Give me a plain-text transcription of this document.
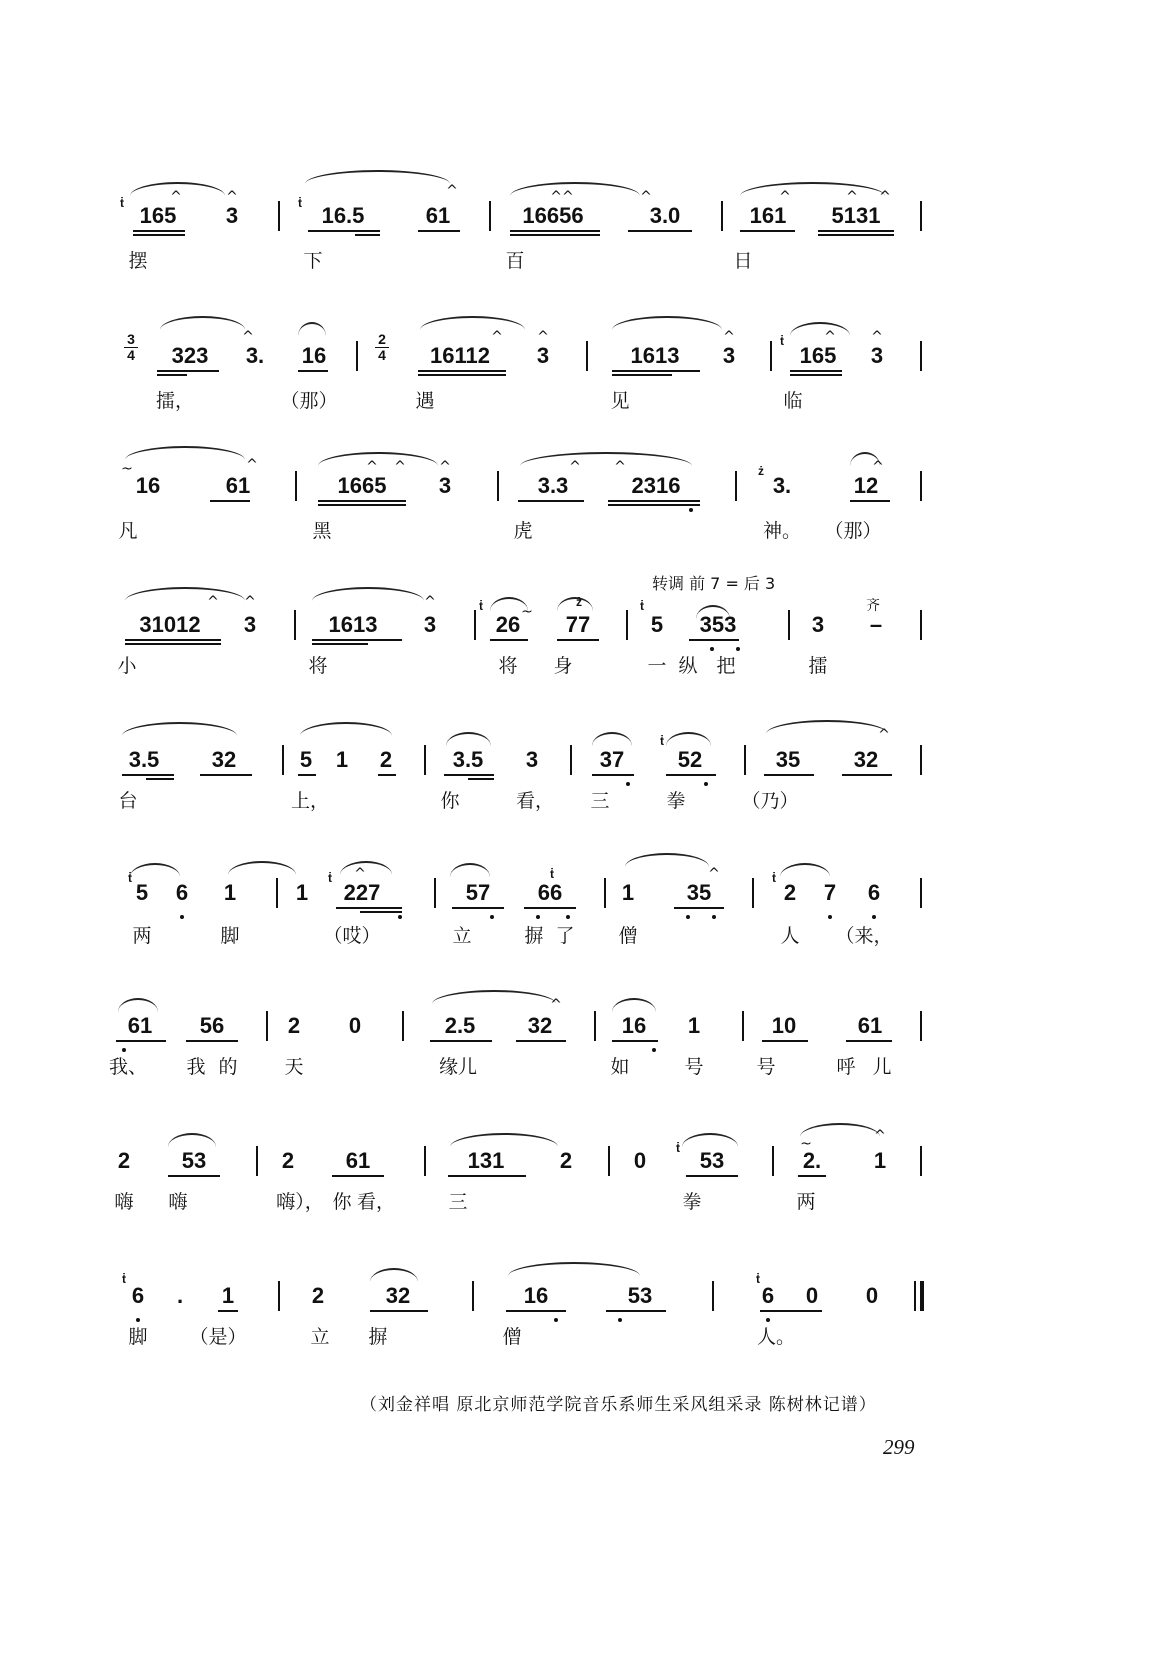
^	^	^	^^	^	^	^ ^
ṫ	ṫ
165 3	16.5	61	16656	3.0	161 5131
摆	下	百	日
$\frac{3}{4}$	$\frac{2}{4}$
^	^ ^	^	^	^
ṫ
323 3. 16	16112 3	1613 3	165 3
擂，	（那）	遇	见	临
~	^	^ ^ ^	^ ^	^
ż
16	61	1665 3	3.3	2316	3.	12
凡	黑	虎	神。 （那）
转调 前 7 = 后 3
齐
^ ^	^
~
ṫ	ż	ṫ
31012 3	1613 3	26 77	5 353	3 –
小	将	将 身	一 纵 把	擂
^
ṫ
3.5 32	5 1 2	3.5 3	37 52	35 32
台	上，	你	看， 三	拳	（乃）
^	^
ṫ	ṫ	ṫ	ṫ
5 6 1	1 227	57 66	1 35	2 7 6
两	脚	（哎）	立	摒 了 僧	人 （来，
^
61 56	2 0	2.5 32	16 1	10	61
我、 我 的 天	缘儿	如	号	号	呼 儿
~	^
ṫ
2 53	2 61	131	2	0 53	2. 1
嗨 嗨	嗨）， 你 看，	三	拳	两
ṫ	ṫ
6 . 1	2	32	16	53	6 0 0
脚 （是）	立 摒	僧	人。
（刘金祥唱 原北京师范学院音乐系师生采风组采录 陈树林记谱）
299
